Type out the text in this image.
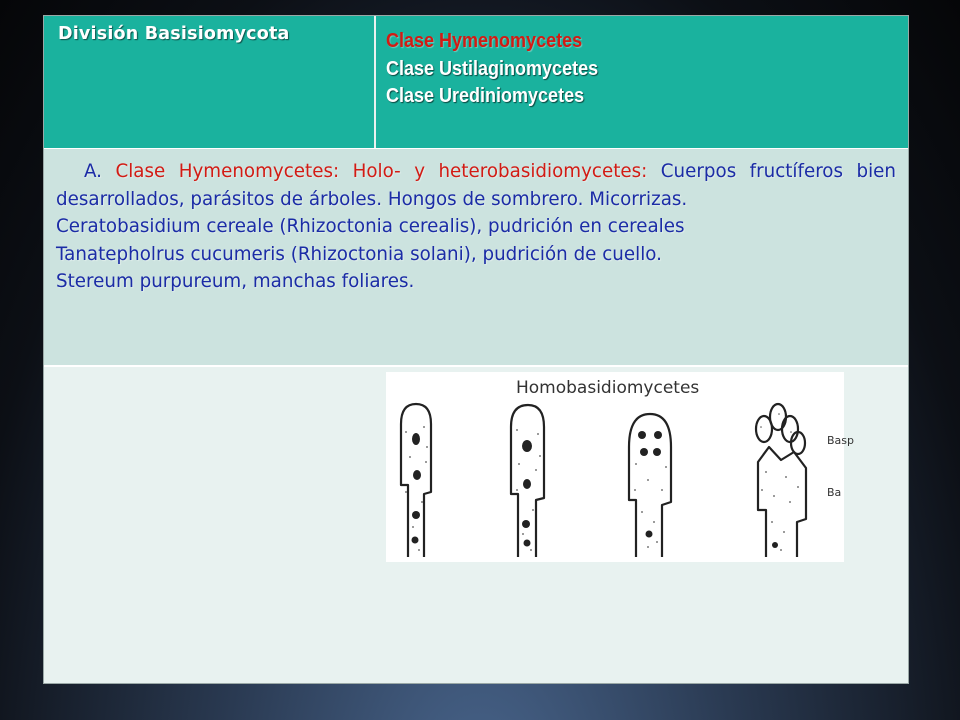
División Basisiomycota	Clase Hymenomycetes
Clase Ustilaginomycetes
Clase Urediniomycetes

A. Clase Hymenomycetes: Holo- y heterobasidiomycetes: Cuerpos fructíferos bien desarrollados, parásitos de árboles. Hongos de sombrero. Micorrizas.

Ceratobasidium cereale (Rhizoctonia cerealis), pudrición en cereales
Tanatepholrus cucumeris (Rhizoctonia solani), pudrición de cuello.
Stereum purpureum, manchas foliares.
Homobasidiomycetes
Basp
Ba
